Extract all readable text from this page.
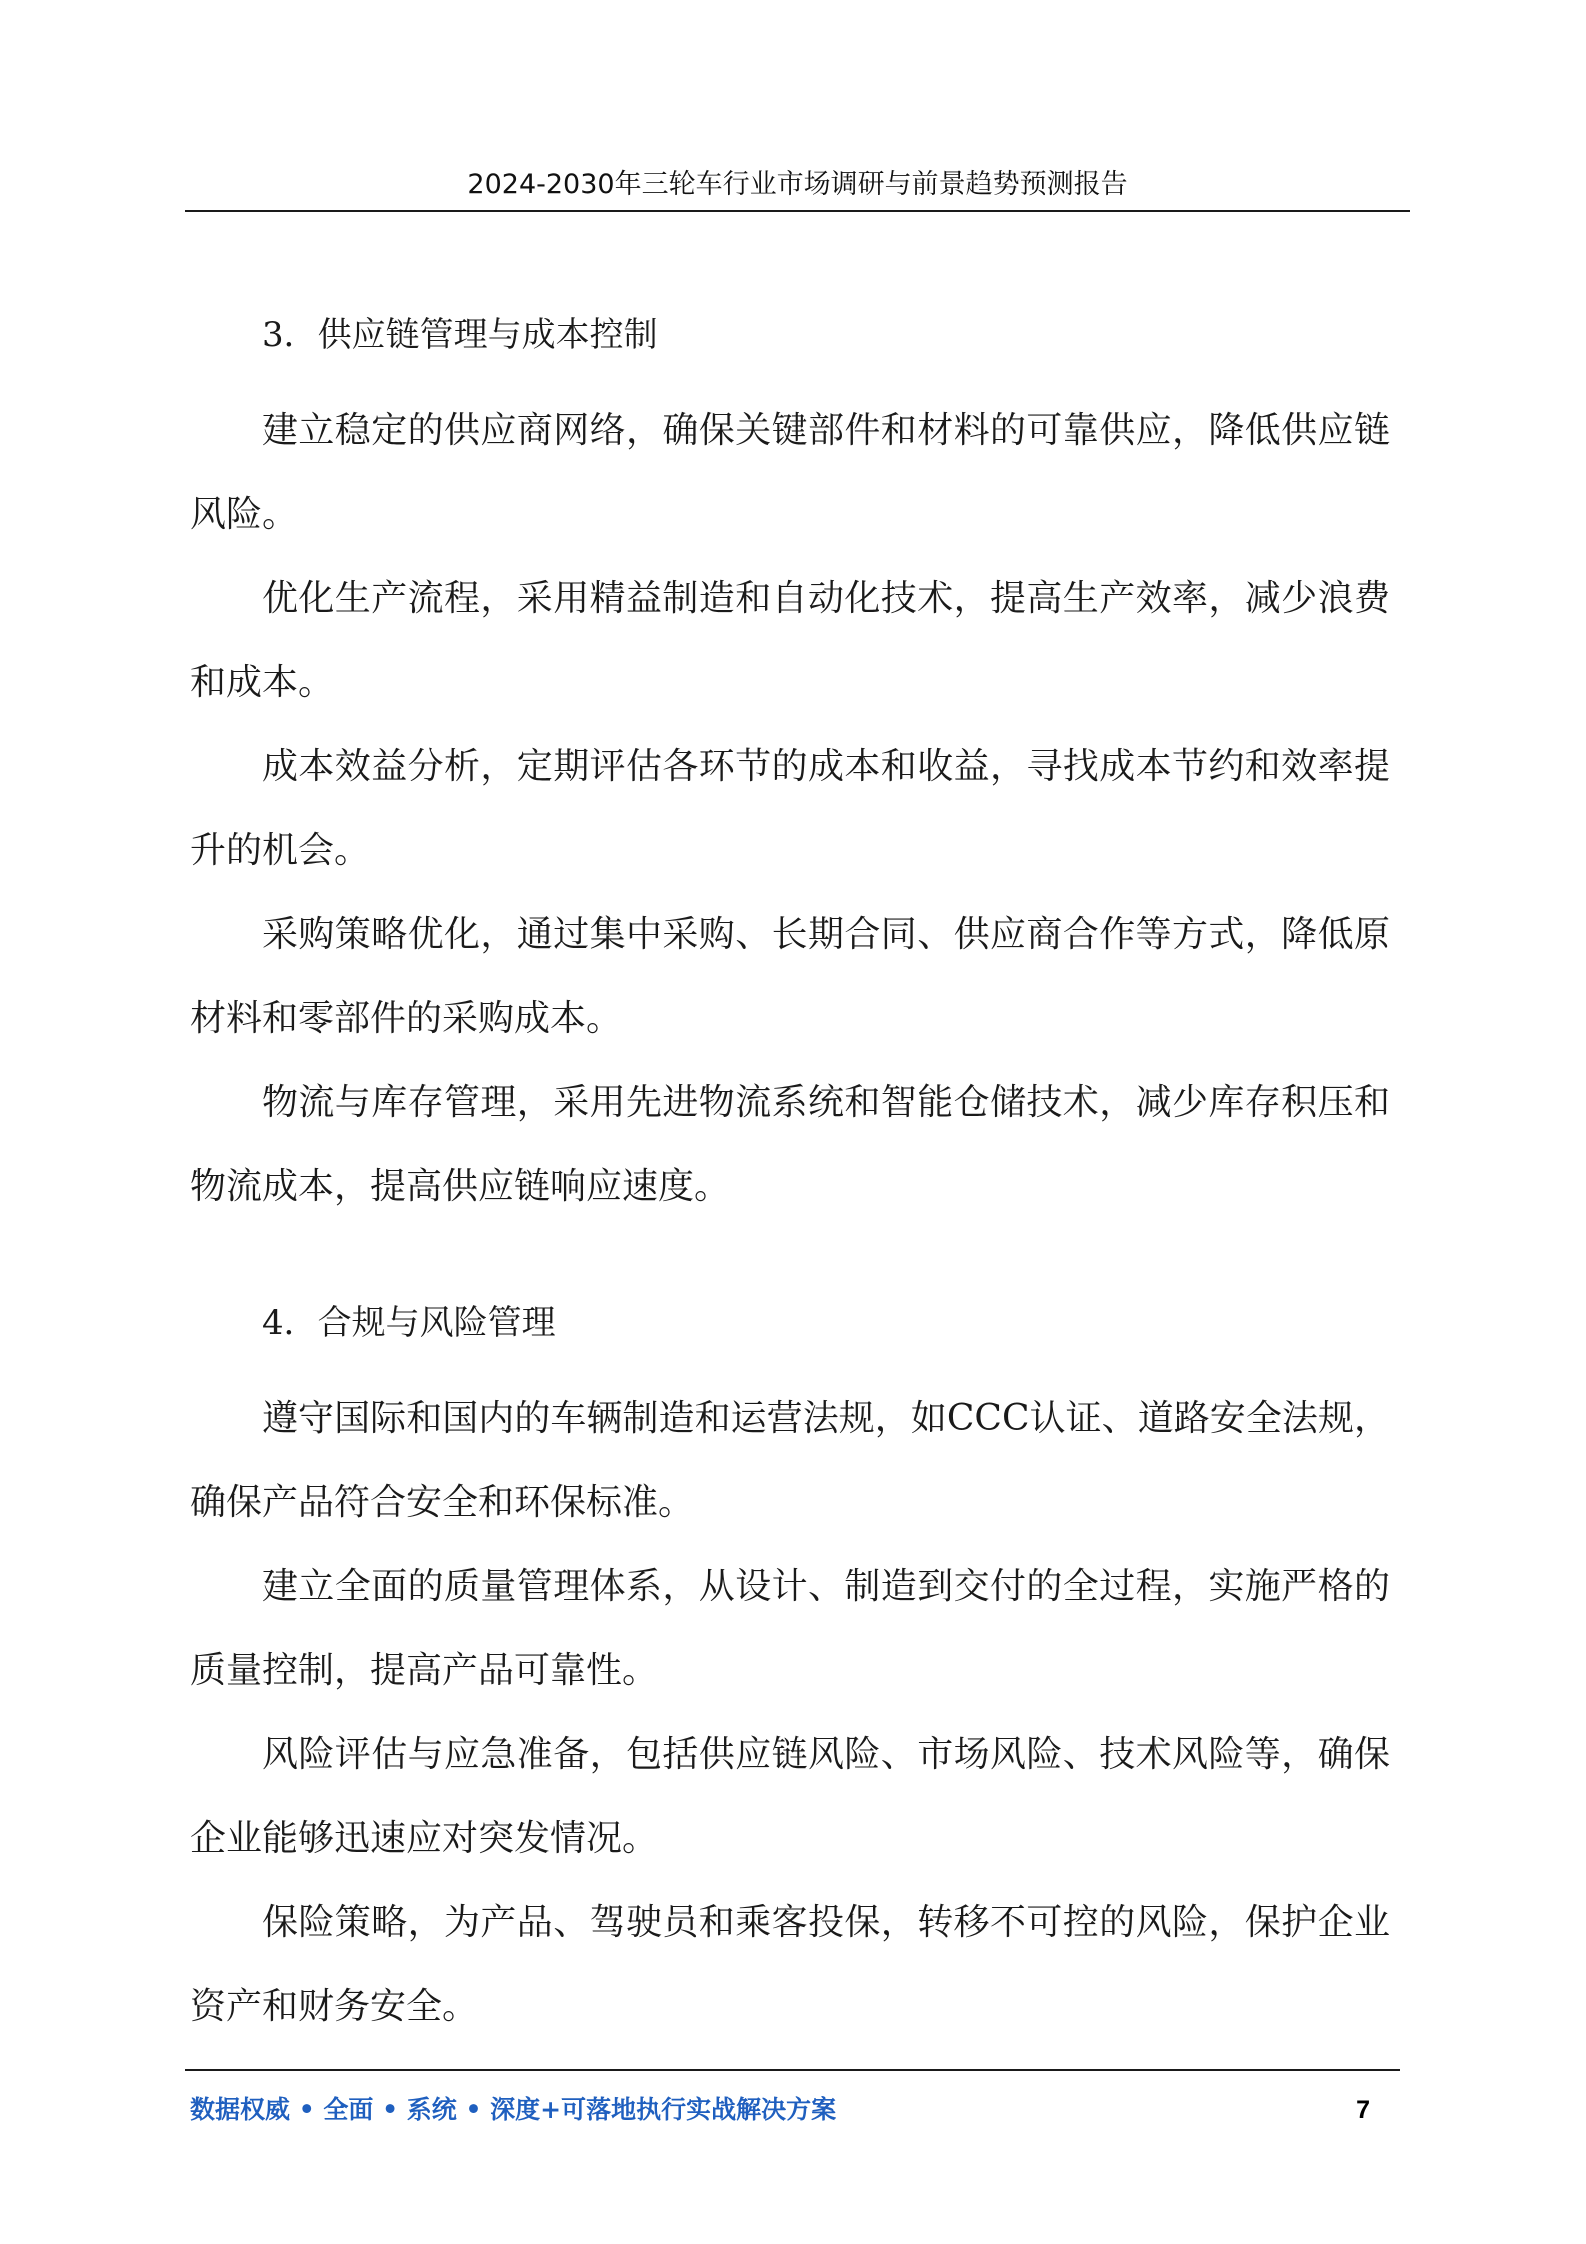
2024-2030年三轮车行业市场调研与前景趋势预测报告
3．供应链管理与成本控制

建立稳定的供应商网络，确保关键部件和材料的可靠供应，降低供应链风险。

优化生产流程，采用精益制造和自动化技术，提高生产效率，减少浪费和成本。

成本效益分析，定期评估各环节的成本和收益，寻找成本节约和效率提升的机会。

采购策略优化，通过集中采购、长期合同、供应商合作等方式，降低原材料和零部件的采购成本。

物流与库存管理，采用先进物流系统和智能仓储技术，减少库存积压和物流成本，提高供应链响应速度。

4．合规与风险管理

遵守国际和国内的车辆制造和运营法规，如CCC认证、道路安全法规，确保产品符合安全和环保标准。

建立全面的质量管理体系，从设计、制造到交付的全过程，实施严格的质量控制，提高产品可靠性。

风险评估与应急准备，包括供应链风险、市场风险、技术风险等，确保企业能够迅速应对突发情况。

保险策略，为产品、驾驶员和乘客投保，转移不可控的风险，保护企业资产和财务安全。

数据权威 • 全面 • 系统 • 深度+可落地执行实战解决方案	7
